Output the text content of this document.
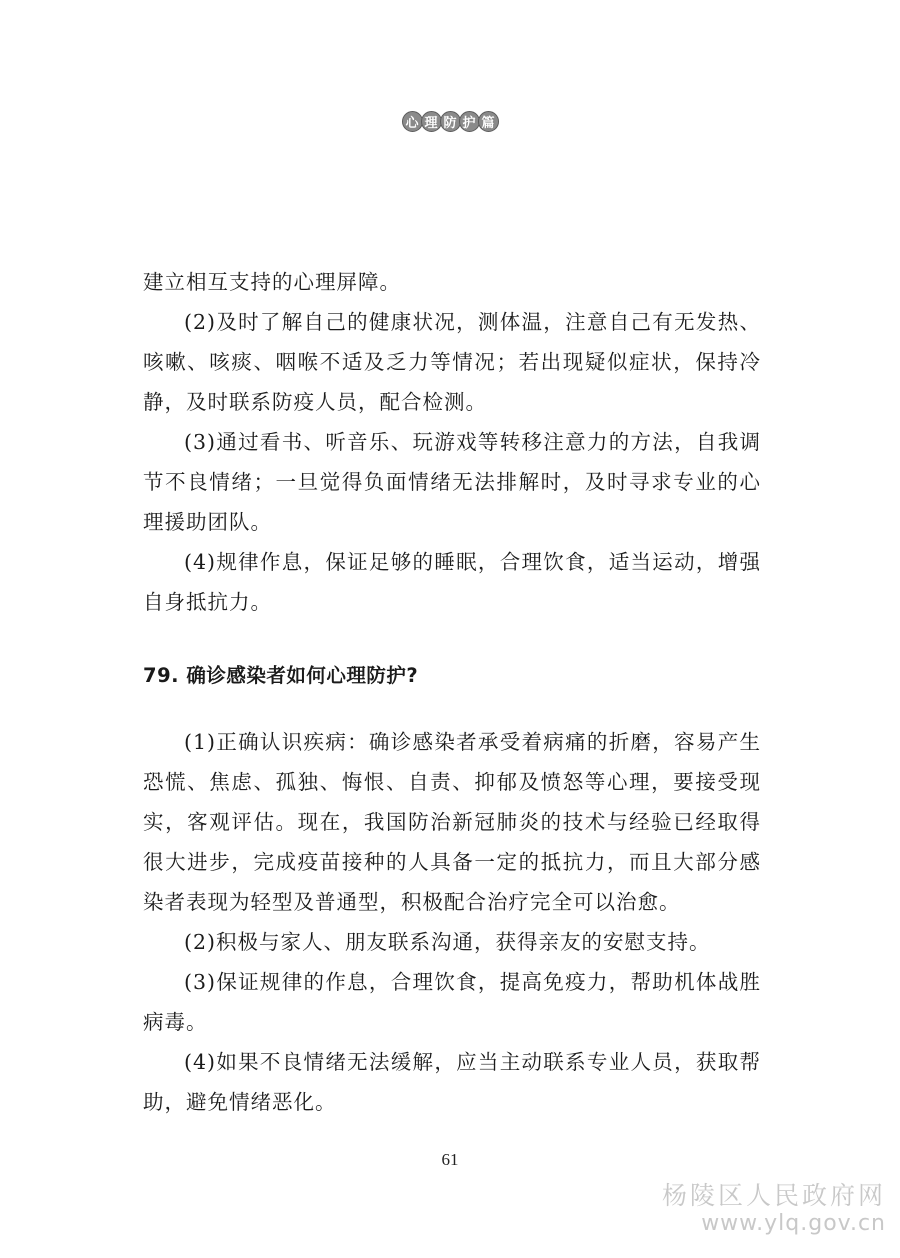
心 理 防 护 篇

建立相互支持的心理屏障。

(2)及时了解自己的健康状况，测体温，注意自己有无发热、咳嗽、咳痰、咽喉不适及乏力等情况；若出现疑似症状，保持冷静，及时联系防疫人员，配合检测。

(3)通过看书、听音乐、玩游戏等转移注意力的方法，自我调节不良情绪；一旦觉得负面情绪无法排解时，及时寻求专业的心理援助团队。

(4)规律作息，保证足够的睡眠，合理饮食，适当运动，增强自身抵抗力。

79. 确诊感染者如何心理防护?

(1)正确认识疾病：确诊感染者承受着病痛的折磨，容易产生恐慌、焦虑、孤独、悔恨、自责、抑郁及愤怒等心理，要接受现实，客观评估。现在，我国防治新冠肺炎的技术与经验已经取得很大进步，完成疫苗接种的人具备一定的抵抗力，而且大部分感染者表现为轻型及普通型，积极配合治疗完全可以治愈。

(2)积极与家人、朋友联系沟通，获得亲友的安慰支持。

(3)保证规律的作息，合理饮食，提高免疫力，帮助机体战胜病毒。

(4)如果不良情绪无法缓解，应当主动联系专业人员，获取帮助，避免情绪恶化。

61
杨陵区人民政府网
www.ylq.gov.cn
